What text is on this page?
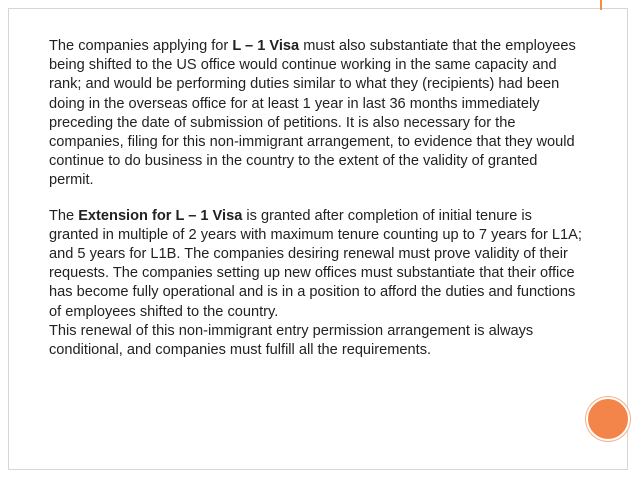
The companies applying for L – 1 Visa must also substantiate that the employees being shifted to the US office would continue working in the same capacity and rank; and would be performing duties similar to what they (recipients) had been doing in the overseas office for at least 1 year in last 36 months immediately preceding the date of submission of petitions. It is also necessary for the companies, filing for this non-immigrant arrangement, to evidence that they would continue to do business in the country to the extent of the validity of granted permit.

The Extension for L – 1 Visa is granted after completion of initial tenure is granted in multiple of 2 years with maximum tenure counting up to 7 years for L1A; and 5 years for L1B. The companies desiring renewal must prove validity of their requests. The companies setting up new offices must substantiate that their office has become fully operational and is in a position to afford the duties and functions of employees shifted to the country.

This renewal of this non-immigrant entry permission arrangement is always conditional, and companies must fulfill all the requirements.
